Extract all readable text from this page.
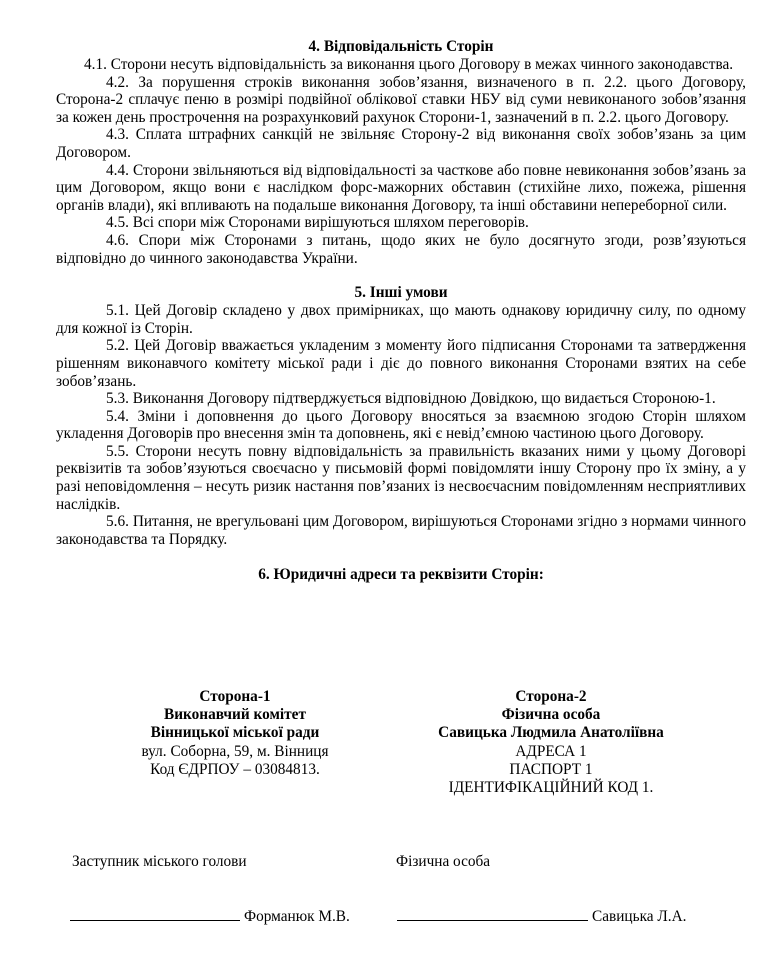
4. Відповідальність Сторін

4.1. Сторони несуть відповідальність за виконання цього Договору в межах чинного законодавства.

4.2. За порушення строків виконання зобов’язання, визначеного в п. 2.2. цього Договору, Сторона-2 сплачує пеню в розмірі подвійної облікової ставки НБУ від суми невиконаного зобов’язання за кожен день прострочення на розрахунковий рахунок Сторони-1, зазначений в п. 2.2. цього Договору.

4.3. Сплата штрафних санкцій не звільняє Сторону-2 від виконання своїх зобов’язань за цим Договором.

4.4. Сторони звільняються від відповідальності за часткове або повне невиконання зобов’язань за цим Договором, якщо вони є наслідком форс-мажорних обставин (стихійне лихо, пожежа, рішення органів влади), які впливають на подальше виконання Договору, та інші обставини непереборної сили.

4.5. Всі спори між Сторонами вирішуються шляхом переговорів.

4.6. Спори між Сторонами з питань, щодо яких не було досягнуто згоди, розв’язуються відповідно до чинного законодавства України.

5. Інші умови

5.1. Цей Договір складено у двох примірниках, що мають однакову юридичну силу, по одному для кожної із Сторін.

5.2. Цей Договір вважається укладеним з моменту його підписання Сторонами та затвердження рішенням виконавчого комітету міської ради і діє до повного виконання Сторонами взятих на себе зобов’язань.

5.3. Виконання Договору підтверджується відповідною Довідкою, що видається Стороною-1.

5.4. Зміни і доповнення до цього Договору вносяться за взаємною згодою Сторін шляхом укладення Договорів про внесення змін та доповнень, які є невід’ємною частиною цього Договору.

5.5. Сторони несуть повну відповідальність за правильність вказаних ними у цьому Договорі реквізитів та зобов’язуються своєчасно у письмовій формі повідомляти іншу Сторону про їх зміну, а у разі неповідомлення – несуть ризик настання пов’язаних із несвоєчасним повідомленням несприятливих наслідків.

5.6. Питання, не врегульовані цим Договором, вирішуються Сторонами згідно з нормами чинного законодавства та Порядку.

6. Юридичні адреси та реквізити Сторін:

Сторона-1
Виконавчий комітет
Вінницької міської ради
вул. Соборна, 59, м. Вінниця
Код ЄДРПОУ – 03084813.
Сторона-2
Фізична особа
Савицька Людмила Анатоліївна
АДРЕСА 1
ПАСПОРТ 1
ІДЕНТИФІКАЦІЙНИЙ КОД 1.
Заступник міського голови	Фізична особа
Форманюк М.В.	Савицька Л.А.
